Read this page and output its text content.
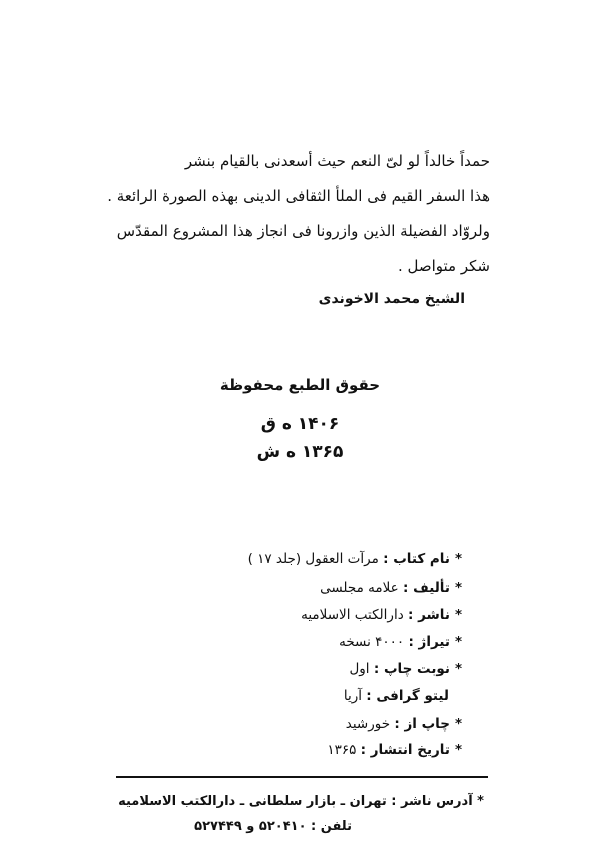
حمداً خالداً لو لیّ النعم حیث أسعدنی بالقیام بنشر
هذا السفر القیم فی الملأ الثقافی الدینی بهذه الصورة الرائعة .
ولروّاد الفضیلة الذین وازرونا فی انجاز هذا المشروع المقدّس
شکر متواصل .
الشیخ محمد الاخوندی
حقوق الطبع محفوظة
۱۴۰۶ ه ق
۱۳۶۵ ه ش
*نام کتاب : مرآت العقول (جلد ۱۷ )
*تألیف : علامه مجلسی
*ناشر : دارالکتب الاسلامیه
*تیراژ : ۴۰۰۰ نسخه
*نوبت چاپ : اول
لیتو گرافی : آریا
*چاپ از : خورشید
*تاریخ انتشار : ۱۳۶۵
* آدرس ناشر : تهران ـ بازار سلطانی ـ دارالکتب الاسلامیه
تلفن : ۵۲۰۴۱۰ و ۵۲۷۴۴۹
